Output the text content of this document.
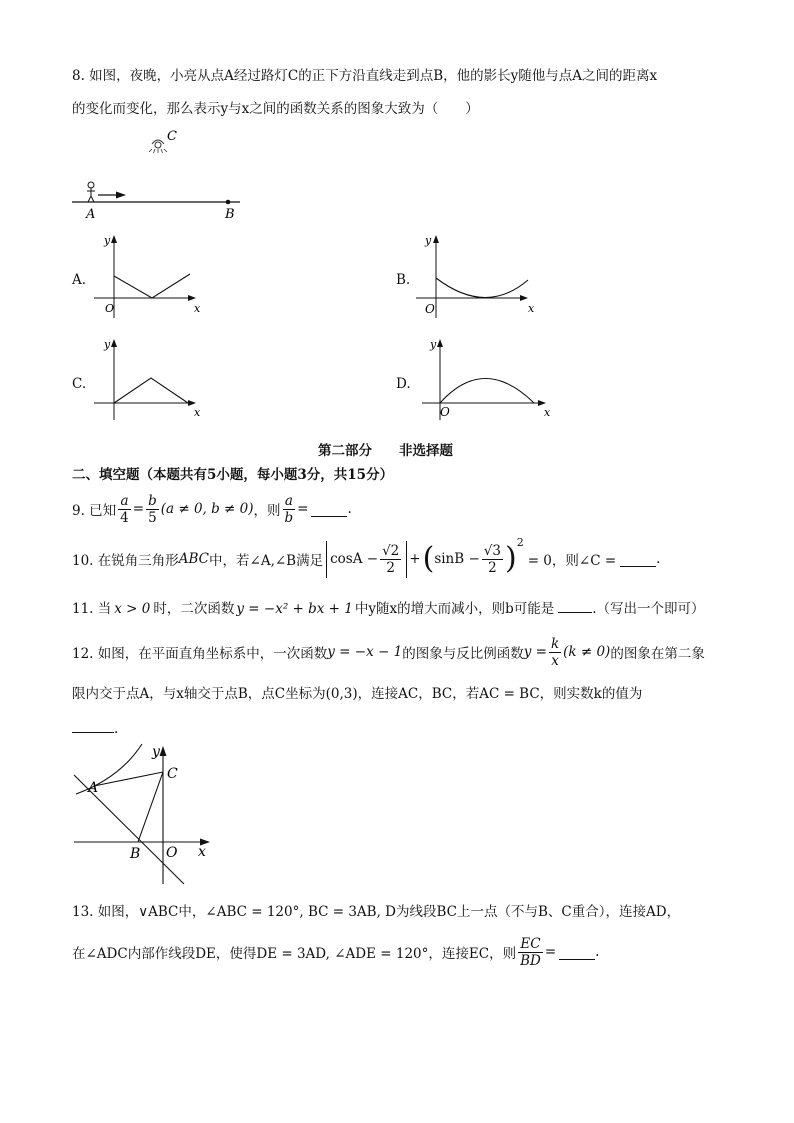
8. 如图，夜晚，小亮从点A经过路灯C的正下方沿直线走到点B，他的影长y随他与点A之间的距离x
的变化而变化，那么表示y与x之间的函数关系的图象大致为（　　）
C
A	B
A.
y
x
O
B.
y
x
O
C.
y
x
D.
y
x
O
第二部分　　非选择题
二、填空题（本题共有5小题，每小题3分，共15分）
9. 已知 $\frac{a}{4} = \frac{b}{5} (a \ne 0$, b ≠ 0) ，则 $\frac{a}{b}$ =	.
10. 在锐角三角形 ABC 中，若∠A,∠B满足 $\cos A - \frac{√2}{2}$ + ( $\sin B - \frac{√3}{2} )^2$
= 0，则∠C =	.
11. 当 x > 0 时，二次函数 y = −x² + bx + 1 中y随x的增大而减小，则b可能是	.（写出一个即可）
12. 如图，在平面直角坐标系中，一次函数 y = −x − 1 的图象与反比例函数 $y = \frac{k}{x} (k \ne 0)$ 的图象在第二象
限内交于点A，与x轴交于点B，点C坐标为(0,3)，连接AC，BC，若AC = BC，则实数k的值为
.
y
C
A
B O x
13. 如图，∨ABC中，∠ABC = 120°, BC = 3AB, D为线段BC上一点（不与B、C重合），连接AD，
在∠ADC内部作线段DE，使得DE = 3AD, ∠ADE = 120°，连接EC，则 $\frac{EC}{BD}$ =	.
